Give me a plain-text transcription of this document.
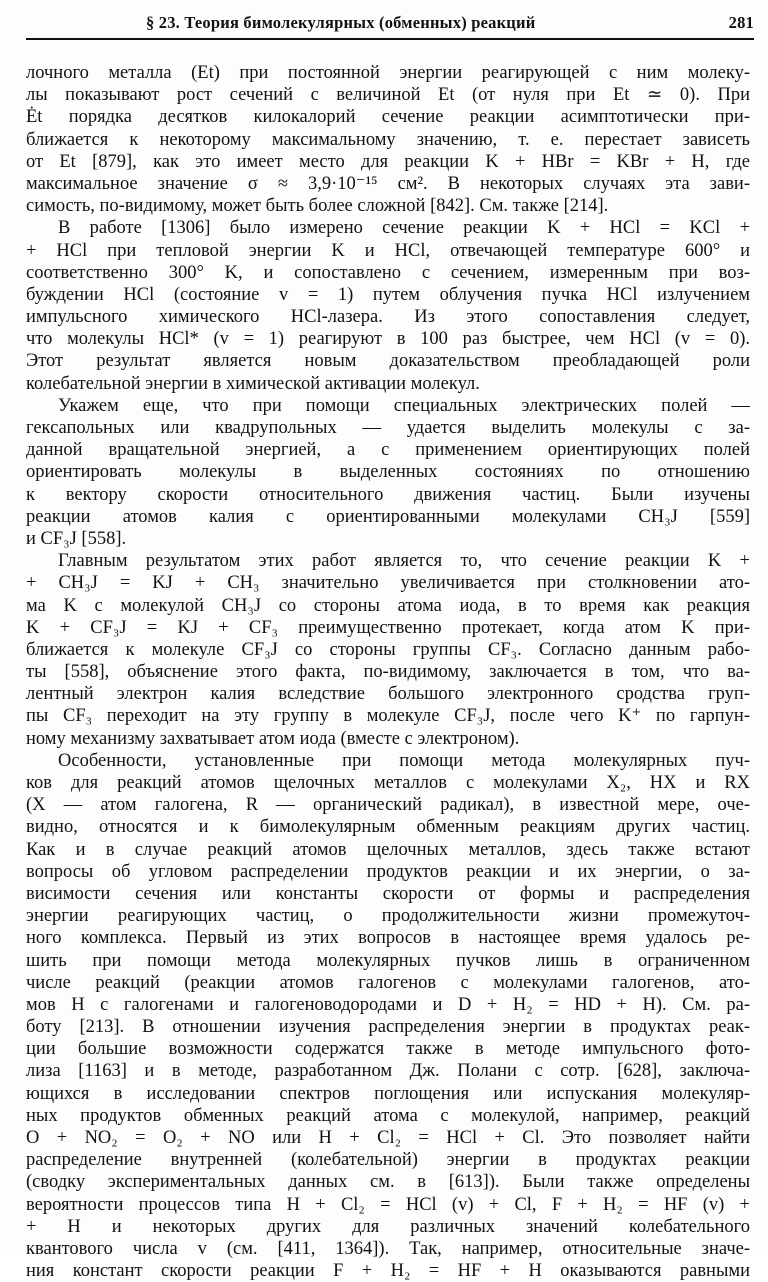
§ 23. Теория бимолекулярных (обменных) реакций	281
лочного металла (Et) при постоянной энергии реагирующей с ним молеку-
лы показывают рост сечений с величиной Et (от нуля при Et ≃ 0). При
Ėt порядка десятков килокалорий сечение реакции асимптотически при-
ближается к некоторому максимальному значению, т. е. перестает зависеть
от Et [879], как это имеет место для реакции K + HBr = KBr + H, где
максимальное значение σ ≈ 3,9·10⁻¹⁵ см². В некоторых случаях эта зави-
симость, по-видимому, может быть более сложной [842]. См. также [214].
В работе [1306] было измерено сечение реакции K + HCl = KCl +
+ HCl при тепловой энергии K и HCl, отвечающей температуре 600° и
соответственно 300° K, и сопоставлено с сечением, измеренным при воз-
буждении HCl (состояние v = 1) путем облучения пучка HCl излучением
импульсного химического HCl-лазера. Из этого сопоставления следует,
что молекулы HCl* (v = 1) реагируют в 100 раз быстрее, чем HCl (v = 0).
Этот результат является новым доказательством преобладающей роли
колебательной энергии в химической активации молекул.
Укажем еще, что при помощи специальных электрических полей —
гексапольных или квадрупольных — удается выделить молекулы с за-
данной вращательной энергией, а с применением ориентирующих полей
ориентировать молекулы в выделенных состояниях по отношению
к вектору скорости относительного движения частиц. Были изучены
реакции атомов калия с ориентированными молекулами CH₃J [559]
и CF₃J [558].
Главным результатом этих работ является то, что сечение реакции K +
+ CH₃J = KJ + CH₃ значительно увеличивается при столкновении ато-
ма K с молекулой CH₃J со стороны атома иода, в то время как реакция
K + CF₃J = KJ + CF₃ преимущественно протекает, когда атом K при-
ближается к молекуле CF₃J со стороны группы CF₃. Согласно данным рабо-
ты [558], объяснение этого факта, по-видимому, заключается в том, что ва-
лентный электрон калия вследствие большого электронного сродства груп-
пы CF₃ переходит на эту группу в молекуле CF₃J, после чего K⁺ по гарпун-
ному механизму захватывает атом иода (вместе с электроном).
Особенности, установленные при помощи метода молекулярных пуч-
ков для реакций атомов щелочных металлов с молекулами X₂, HX и RX
(X — атом галогена, R — органический радикал), в известной мере, оче-
видно, относятся и к бимолекулярным обменным реакциям других частиц.
Как и в случае реакций атомов щелочных металлов, здесь также встают
вопросы об угловом распределении продуктов реакции и их энергии, о за-
висимости сечения или константы скорости от формы и распределения
энергии реагирующих частиц, о продолжительности жизни промежуточ-
ного комплекса. Первый из этих вопросов в настоящее время удалось ре-
шить при помощи метода молекулярных пучков лишь в ограниченном
числе реакций (реакции атомов галогенов с молекулами галогенов, ато-
мов H с галогенами и галогеноводородами и D + H₂ = HD + H). См. ра-
боту [213]. В отношении изучения распределения энергии в продуктах реак-
ции большие возможности содержатся также в методе импульсного фото-
лиза [1163] и в методе, разработанном Дж. Полани с сотр. [628], заключа-
ющихся в исследовании спектров поглощения или испускания молекуляр-
ных продуктов обменных реакций атома с молекулой, например, реакций
O + NO₂ = O₂ + NO или H + Cl₂ = HCl + Cl. Это позволяет найти
распределение внутренней (колебательной) энергии в продуктах реакции
(сводку экспериментальных данных см. в [613]). Были также определены
вероятности процессов типа H + Cl₂ = HCl (v) + Cl, F + H₂ = HF (v) +
+ H и некоторых других для различных значений колебательного
квантового числа v (см. [411, 1364]). Так, например, относительные значе-
ния констант скорости реакции F + H₂ = HF + H оказываются равными
